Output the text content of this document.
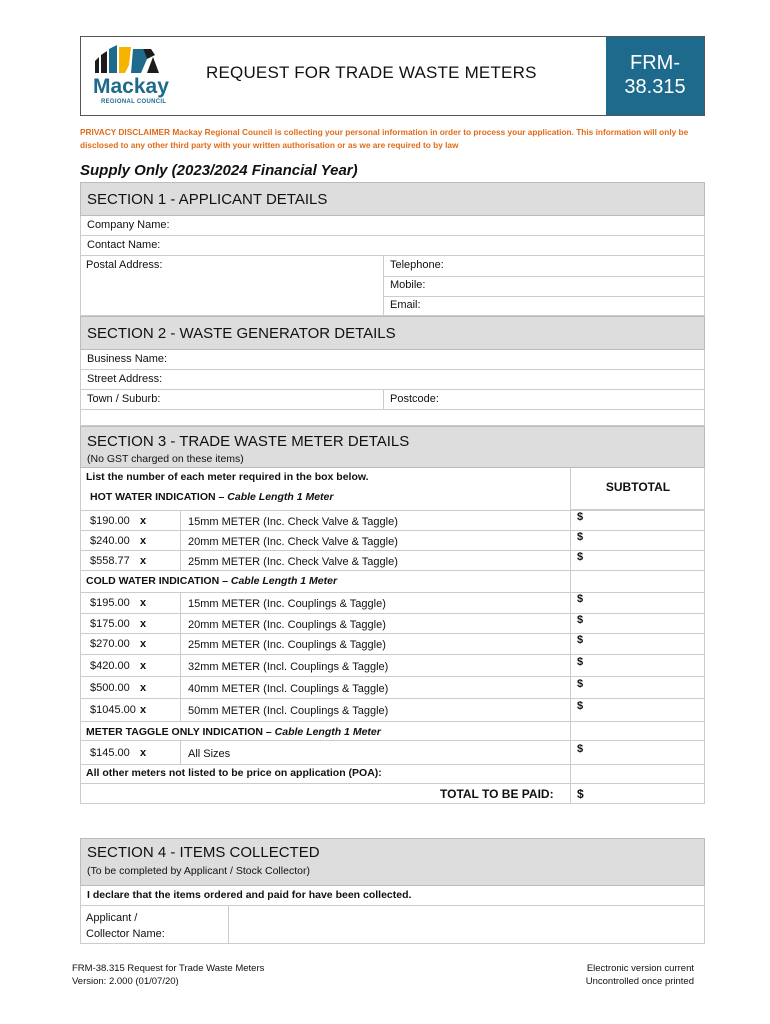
Mackay
REGIONAL COUNCIL
REQUEST FOR TRADE WASTE METERS	FRM-
38.315
PRIVACY DISCLAIMER Mackay Regional Council is collecting your personal information in order to process your application. This information will only be disclosed to any other third party with your written authorisation or as we are required to by law
Supply Only (2023/2024 Financial Year)
SECTION 1 - APPLICANT DETAILS
Company Name:
Contact Name:
Postal Address:	Telephone:
Mobile:
Email:
SECTION 2 - WASTE GENERATOR DETAILS
Business Name:
Street Address:
Town / Suburb:	Postcode:
SECTION 3 - TRADE WASTE METER DETAILS
(No GST charged on these items)
List the number of each meter required in the box below.
SUBTOTAL
HOT WATER INDICATION – Cable Length 1 Meter
$190.00 x	15mm METER (Inc. Check Valve & Taggle)	$
$240.00 x	20mm METER (Inc. Check Valve & Taggle)	$
$558.77 x	25mm METER (Inc. Check Valve & Taggle)	$
COLD WATER INDICATION – Cable Length 1 Meter
$195.00 x	15mm METER (Inc. Couplings & Taggle)	$
$175.00 x	20mm METER (Inc. Couplings & Taggle)	$
$270.00 x	25mm METER (Inc. Couplings & Taggle)	$
$420.00 x	32mm METER (Incl. Couplings & Taggle)	$
$500.00 x	40mm METER (Incl. Couplings & Taggle)	$
$1045.00 x	50mm METER (Incl. Couplings & Taggle)	$
METER TAGGLE ONLY INDICATION – Cable Length 1 Meter
$145.00 x	All Sizes	$
All other meters not listed to be price on application (POA):
TOTAL TO BE PAID: $
SECTION 4 - ITEMS COLLECTED
(To be completed by Applicant / Stock Collector)
I declare that the items ordered and paid for have been collected.
Applicant /
Collector Name:
FRM-38.315 Request for Trade Waste Meters
Version: 2.000 (01/07/20)
Electronic version current
Uncontrolled once printed
